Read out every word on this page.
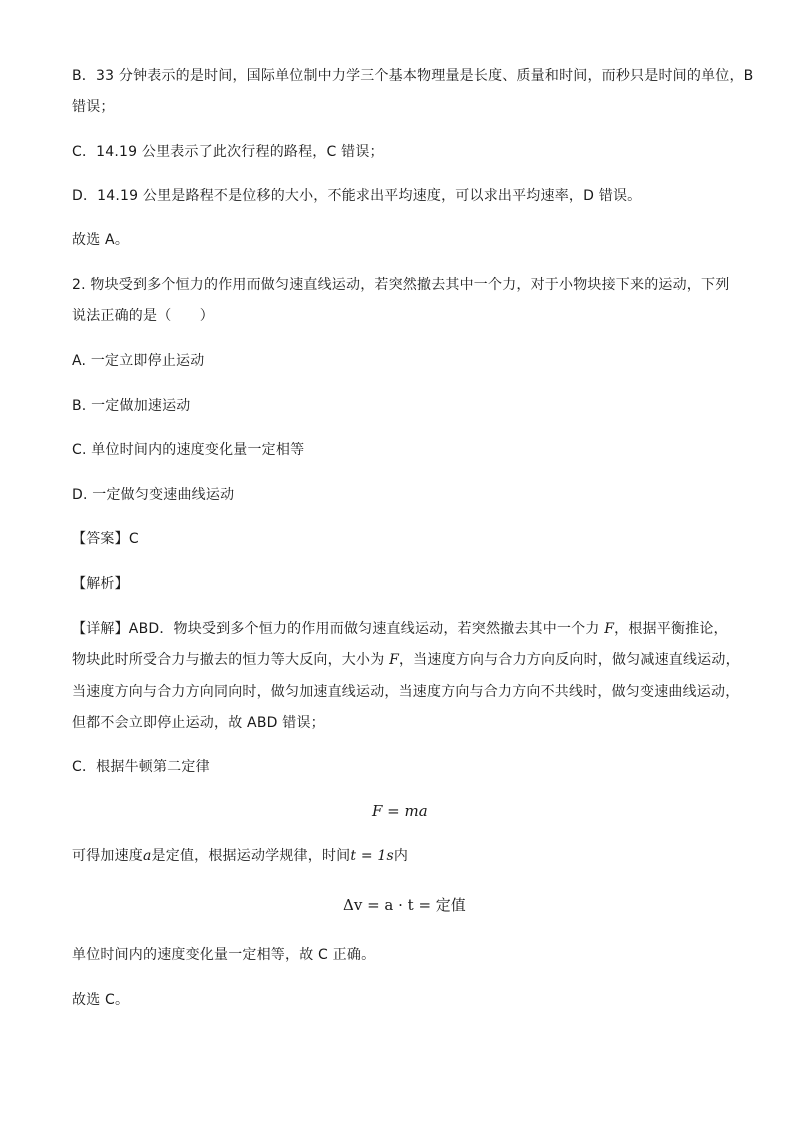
B．33 分钟表示的是时间，国际单位制中力学三个基本物理量是长度、质量和时间，而秒只是时间的单位，B
错误；
C．14.19 公里表示了此次行程的路程，C 错误；
D．14.19 公里是路程不是位移的大小，不能求出平均速度，可以求出平均速率，D 错误。
故选 A。
2. 物块受到多个恒力的作用而做匀速直线运动，若突然撤去其中一个力，对于小物块接下来的运动，下列
说法正确的是（　　）
A. 一定立即停止运动
B. 一定做加速运动
C. 单位时间内的速度变化量一定相等
D. 一定做匀变速曲线运动
【答案】C
【解析】
【详解】ABD．物块受到多个恒力的作用而做匀速直线运动，若突然撤去其中一个力 F，根据平衡推论，
物块此时所受合力与撤去的恒力等大反向，大小为 F，当速度方向与合力方向反向时，做匀减速直线运动，
当速度方向与合力方向同向时，做匀加速直线运动，当速度方向与合力方向不共线时，做匀变速曲线运动，
但都不会立即停止运动，故 ABD 错误；
C．根据牛顿第二定律
F = ma
可得加速度a是定值，根据运动学规律，时间t = 1s内
Δv = a · t = 定值
单位时间内的速度变化量一定相等，故 C 正确。
故选 C。
